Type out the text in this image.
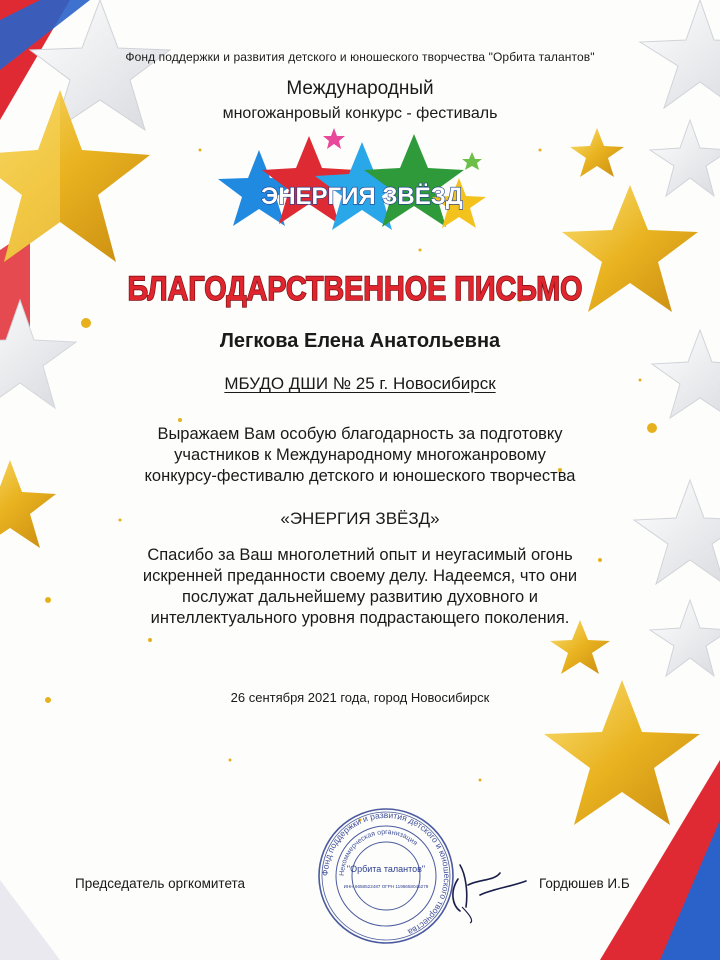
Фонд поддержки и развития детского и юношеского творчества "Орбита талантов"
Международный
многожанровый конкурс - фестиваль
ЭНЕРГИЯ ЗВЁЗД
БЛАГОДАРСТВЕННОЕ ПИСЬМО
Легкова Елена Анатольевна
МБУДО ДШИ № 25 г. Новосибирск
Выражаем Вам особую благодарность за подготовку
участников к Международному многожанровому
конкурсу-фестивалю детского и юношеского творчества
«ЭНЕРГИЯ ЗВЁЗД»
Спасибо за Ваш многолетний опыт и неугасимый огонь
искренней преданности своему делу. Надеемся, что они
послужат дальнейшему развитию духовного и
интеллектуального уровня подрастающего поколения.
26 сентября 2021 года, город Новосибирск
Председатель оргкомитета	Гордюшев И.Б
Фонд поддержки и развития детского и юношеского творчества
Некоммерческая организация
"Орбита талантов"
ИНН 6658522487 ОГРН 1196658045279
